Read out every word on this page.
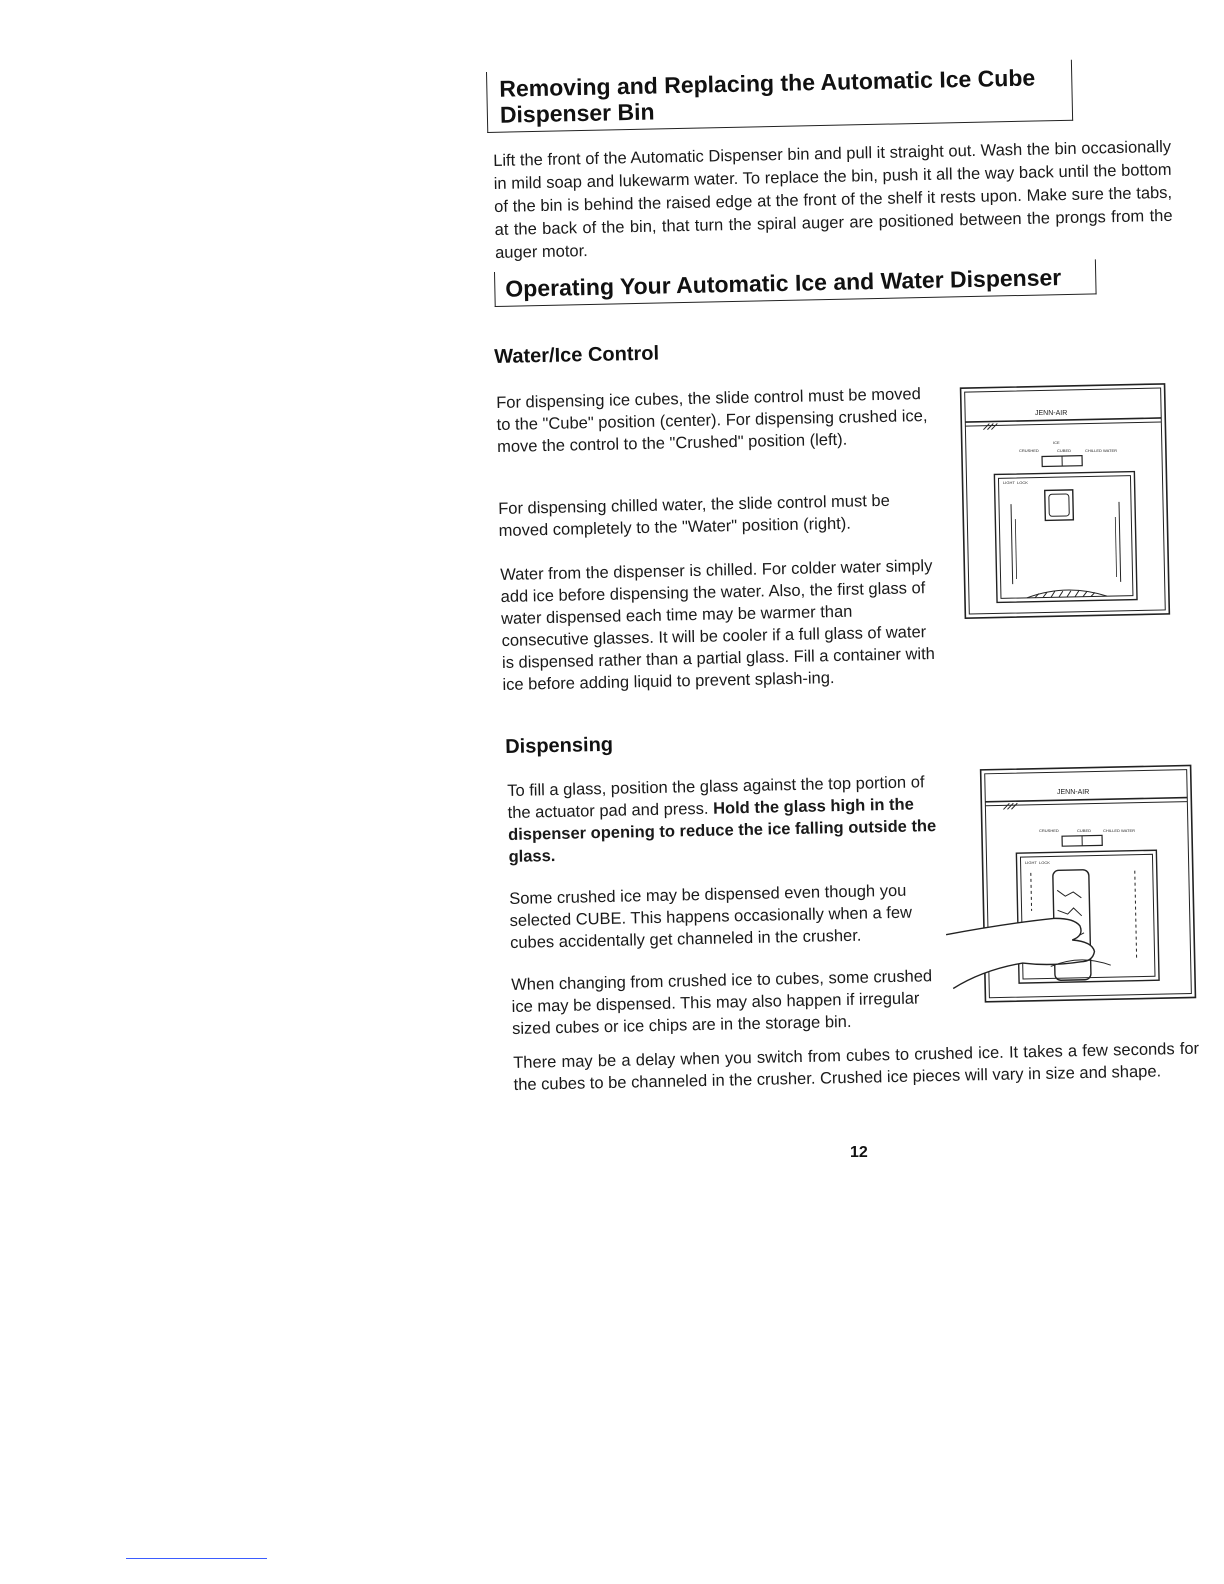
Removing and Replacing the Automatic Ice Cube
Dispenser Bin

Lift the front of the Automatic Dispenser bin and pull it straight out. Wash the bin occasionally in mild soap and lukewarm water. To replace the bin, push it all the way back until the bottom of the bin is behind the raised edge at the front of the shelf it rests upon. Make sure the tabs, at the back of the bin, that turn the spiral auger are positioned between the prongs from the auger motor.

Operating Your Automatic Ice and Water Dispenser
Water/Ice Control

For dispensing ice cubes, the slide control must be moved to the "Cube" position (center). For dispensing crushed ice, move the control to the "Crushed" position (left).

For dispensing chilled water, the slide control must be moved completely to the "Water" position (right).

Water from the dispenser is chilled. For colder water simply add ice before dispensing the water. Also, the first glass of water dispensed each time may be warmer than consecutive glasses. It will be cooler if a full glass of water is dispensed rather than a partial glass. Fill a container with ice before adding liquid to prevent splash-ing.

JENN-AIR
ICE
CRUSHED	CUBED	CHILLED WATER
LIGHT LOCK
Dispensing

To fill a glass, position the glass against the top portion of the actuator pad and press. Hold the glass high in the dispenser opening to reduce the ice falling outside the glass.

Some crushed ice may be dispensed even though you selected CUBE. This happens occasionally when a few cubes accidentally get channeled in the crusher.

When changing from crushed ice to cubes, some crushed ice may be dispensed. This may also happen if irregular sized cubes or ice chips are in the storage bin.

There may be a delay when you switch from cubes to crushed ice. It takes a few seconds for the cubes to be channeled in the crusher. Crushed ice pieces will vary in size and shape.

JENN-AIR
CRUSHED	CUBED	CHILLED WATER
LIGHT LOCK
12
